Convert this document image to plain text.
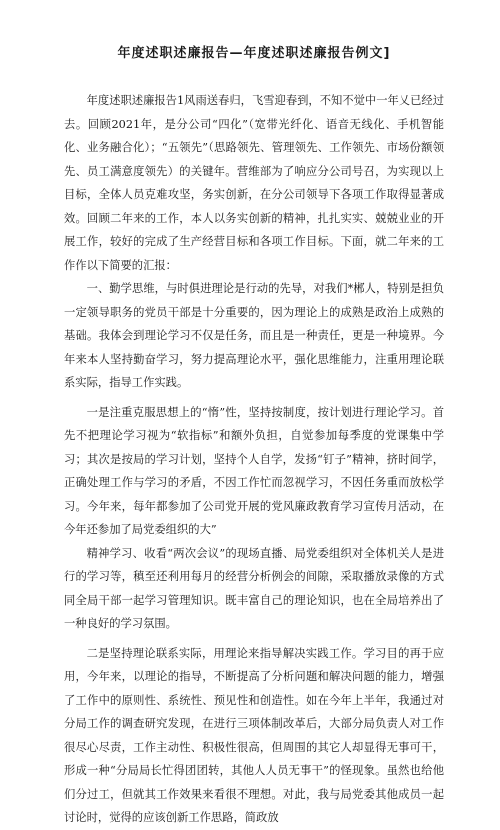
年度述职述廉报告—年度述职述廉报告例文]

年度述职述廉报告1风雨送春归，飞雪迎春到，不知不觉中一年乂已经过去。回顾2021年，是分公司“四化”（宽带光纤化、语音无线化、手机智能化、业务融合化）；“五领先”（思路领先、管理领先、工作领先、市场份额领先、员工满意度领先）的关键年。营维部为了响应分公司号召，为实现以上目标，全体人员克难攻坚，务实创新，在分公司领导下各项工作取得显著成效。回顾二年来的工作，本人以务实创新的精神，扎扎实实、兢兢业业的开展工作，较好的完成了生产经营目标和各项工作目标。下面，就二年来的工作作以下简要的汇报：

一、勤学思维，与时俱进理论是行动的先导，对我们*郴人，特别是担负一定领导职务的党员干部是十分重要的，因为理论上的成熟是政治上成熟的基础。我体会到理论学习不仅是任务，而且是一种责任，更是一种境界。今年来本人坚持勤奋学习，努力提高理论水平，强化思维能力，注重用理论联系实际，指导工作实践。

一是注重克服思想上的“惰”性，坚持按制度，按计划进行理论学习。首先不把理论学习视为“软指标”和额外负担，自觉参加每季度的党课集中学习；其次是按局的学习计划，坚持个人自学，发扬“钉子”精神，挤时间学，正确处理工作与学习的矛盾，不因工作忙而忽视学习，不因任务重而放松学习。今年来，每年都参加了公司党开展的党风廉政教育学习宣传月活动，在今年还参加了局党委组织的大”

精神学习、收看“两次会议”的现场直播、局党委组织对全体机关人是进行的学习等，稹至还利用每月的经营分析例会的间隙，采取播放录像的方式同全局干部一起学习管理知识。既丰富自己的理论知识，也在全局培养出了一种良好的学习氛围。

二是坚持理论联系实际，用理论来指导解决实践工作。学习目的再于应用，今年来，以理论的指导，不断提高了分析问题和解决问题的能力，增强了工作中的原则性、系统性、预见性和创造性。如在今年上半年，我通过对分局工作的调查研究发现，在进行三项体制改革后，大部分局负责人对工作很尽心尽责，工作主动性、积极性很高，但周围的其它人却显得无事可干，形成一种“分局局长忙得团团转，其他人人员无事干”的怪现象。虽然也给他们分过工，但就其工作效果来看很不理想。对此，我与局党委其他成员一起讨论时，觉得的应该创新工作思路，简政放
